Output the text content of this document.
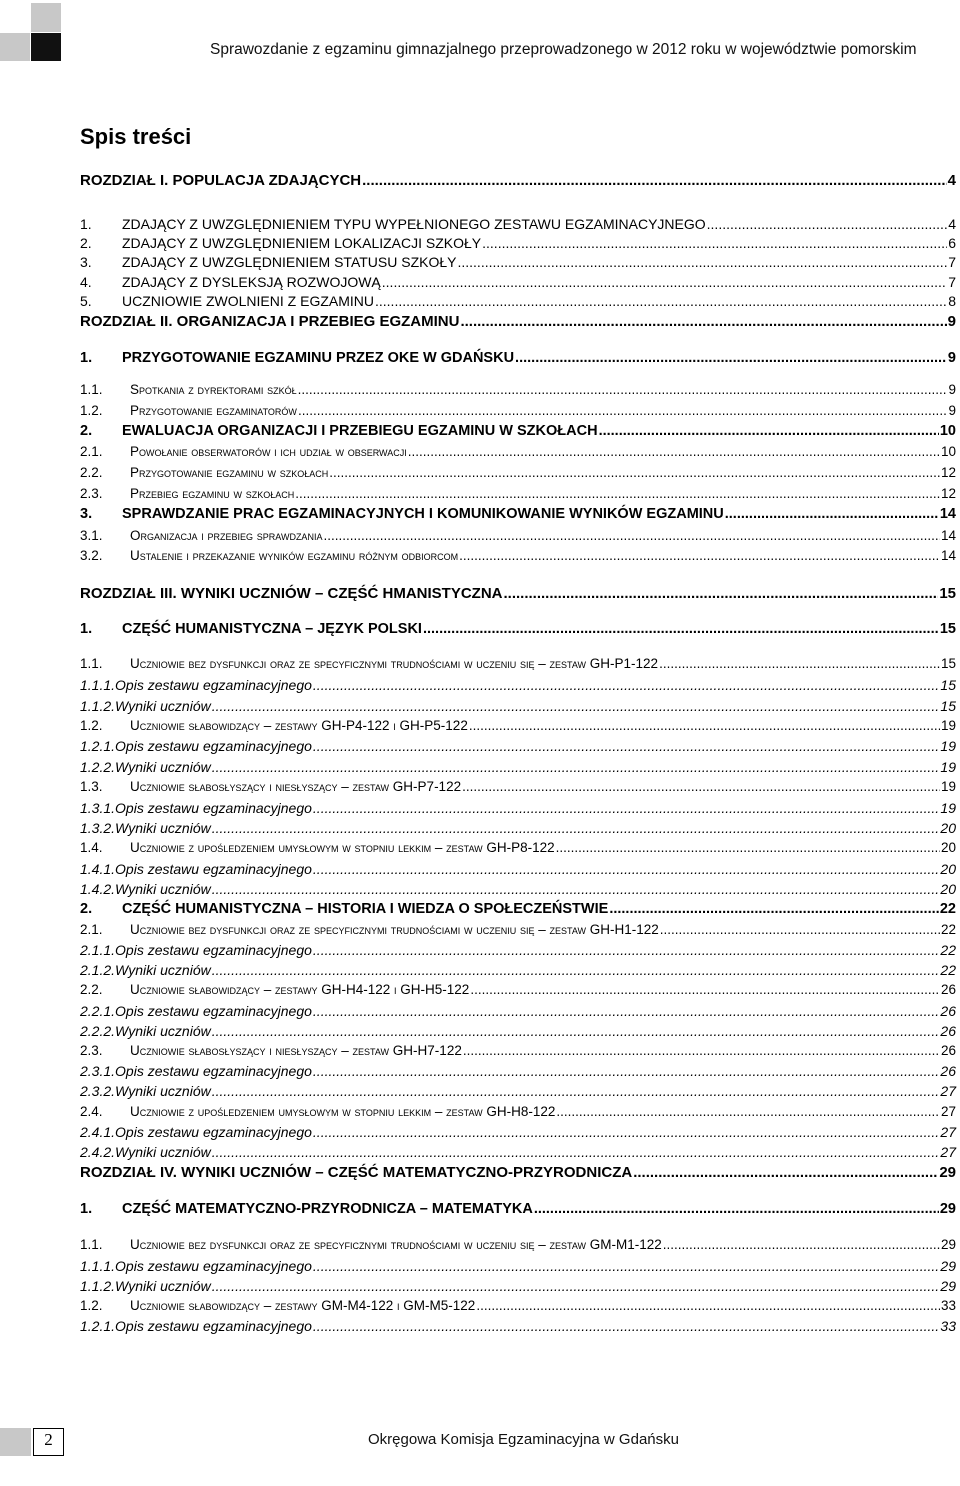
Sprawozdanie z egzaminu gimnazjalnego przeprowadzonego w 2012 roku w województwie pomorskim
Spis treści
ROZDZIAŁ I. POPULACJA ZDAJĄCYCH .....	4
1.	ZDAJĄCY Z UWZGLĘDNIENIEM TYPU WYPEŁNIONEGO ZESTAWU EGZAMINACYJNEGO .....	4
2.	ZDAJĄCY Z UWZGLĘDNIENIEM LOKALIZACJI SZKOŁY .....	6
3.	ZDAJĄCY Z UWZGLĘDNIENIEM STATUSU SZKOŁY .....	7
4.	ZDAJĄCY Z DYSLEKSJĄ ROZWOJOWĄ .....	7
5.	UCZNIOWIE ZWOLNIENI Z EGZAMINU .....	8
ROZDZIAŁ II. ORGANIZACJA I PRZEBIEG EGZAMINU .....	9
1.	PRZYGOTOWANIE EGZAMINU PRZEZ OKE W GDAŃSKU .....	9
1.1.	Spotkania z dyrektorami szkół .....	9
1.2.	Przygotowanie egzaminatorów .....	9
2.	EWALUACJA ORGANIZACJI I PRZEBIEGU EGZAMINU W SZKOŁACH .....	10
2.1.	Powołanie obserwatorów i ich udział w obserwacji .....	10
2.2.	Przygotowanie egzaminu w szkołach .....	12
2.3.	Przebieg egzaminu w szkołach .....	12
3.	SPRAWDZANIE PRAC EGZAMINACYJNYCH I KOMUNIKOWANIE WYNIKÓW EGZAMINU .....	14
3.1.	Organizacja i przebieg sprawdzania .....	14
3.2.	Ustalenie i przekazanie wyników egzaminu różnym odbiorcom .....	14
ROZDZIAŁ III. WYNIKI UCZNIÓW – CZĘŚĆ HMANISTYCZNA .....	15
1.	CZĘŚĆ HUMANISTYCZNA – JĘZYK POLSKI .....	15
1.1.	Uczniowie bez dysfunkcji oraz ze specyficznymi trudnościami w uczeniu się – zestaw GH-P1-122 .....	15
1.1.1. Opis zestawu egzaminacyjnego .....	15
1.1.2. Wyniki uczniów .....	15
1.2.	Uczniowie słabowidzący – zestawy GH-P4-122 i GH-P5-122 .....	19
1.2.1. Opis zestawu egzaminacyjnego .....	19
1.2.2. Wyniki uczniów .....	19
1.3.	Uczniowie słabosłyszący i niesłyszący – zestaw GH-P7-122 .....	19
1.3.1. Opis zestawu egzaminacyjnego .....	19
1.3.2. Wyniki uczniów .....	20
1.4.	Uczniowie z upośledzeniem umysłowym w stopniu lekkim – zestaw GH-P8-122 .....	20
1.4.1. Opis zestawu egzaminacyjnego .....	20
1.4.2. Wyniki uczniów .....	20
2.	CZĘŚĆ HUMANISTYCZNA – HISTORIA I WIEDZA O SPOŁECZEŃSTWIE .....	22
2.1.	Uczniowie bez dysfunkcji oraz ze specyficznymi trudnościami w uczeniu się – zestaw GH-H1-122 .....	22
2.1.1. Opis zestawu egzaminacyjnego .....	22
2.1.2. Wyniki uczniów .....	22
2.2.	Uczniowie słabowidzący – zestawy GH-H4-122 i GH-H5-122 .....	26
2.2.1. Opis zestawu egzaminacyjnego .....	26
2.2.2. Wyniki uczniów .....	26
2.3.	Uczniowie słabosłyszący i niesłyszący – zestaw GH-H7-122 .....	26
2.3.1. Opis zestawu egzaminacyjnego .....	26
2.3.2. Wyniki uczniów .....	27
2.4.	Uczniowie z upośledzeniem umysłowym w stopniu lekkim – zestaw GH-H8-122 .....	27
2.4.1. Opis zestawu egzaminacyjnego .....	27
2.4.2. Wyniki uczniów .....	27
ROZDZIAŁ IV. WYNIKI UCZNIÓW – CZĘŚĆ MATEMATYCZNO-PRZYRODNICZA .....	29
1.	CZĘŚĆ MATEMATYCZNO-PRZYRODNICZA – MATEMATYKA .....	29
1.1.	Uczniowie bez dysfunkcji oraz ze specyficznymi trudnościami w uczeniu się – zestaw GM-M1-122 .....	29
1.1.1. Opis zestawu egzaminacyjnego .....	29
1.1.2. Wyniki uczniów .....	29
1.2.	Uczniowie słabowidzący – zestawy GM-M4-122 i GM-M5-122 .....	33
1.2.1. Opis zestawu egzaminacyjnego .....	33
2	Okręgowa Komisja Egzaminacyjna w Gdańsku
